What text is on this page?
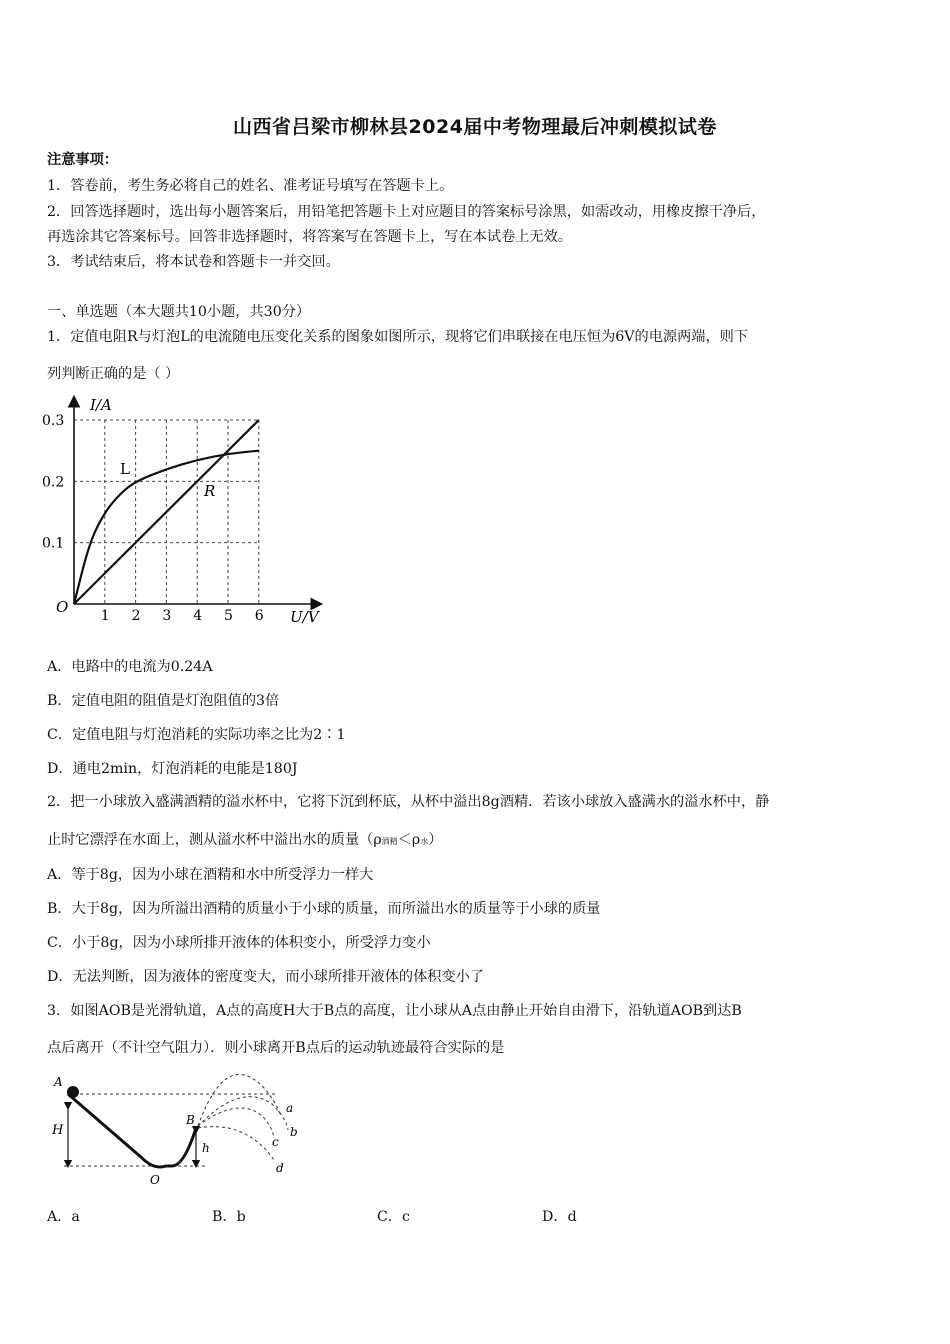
山西省吕梁市柳林县2024届中考物理最后冲刺模拟试卷
注意事项：
1．答卷前，考生务必将自己的姓名、准考证号填写在答题卡上。
2．回答选择题时，选出每小题答案后，用铅笔把答题卡上对应题目的答案标号涂黑，如需改动，用橡皮擦干净后，
再选涂其它答案标号。回答非选择题时，将答案写在答题卡上，写在本试卷上无效。
3．考试结束后，将本试卷和答题卡一并交回。
一、单选题（本大题共10小题，共30分）
1．定值电阻R与灯泡L的电流随电压变化关系的图象如图所示，现将它们串联接在电压恒为6V的电源两端，则下
列判断正确的是（ ）
1 2 3 4 5 6
0.1
0.2
0.3
I/A
U/V
O
L
R
A．电路中的电流为0.24A
B．定值电阻的阻值是灯泡阻值的3倍
C．定值电阻与灯泡消耗的实际功率之比为2∶1
D．通电2min，灯泡消耗的电能是180J
2．把一小球放入盛满酒精的溢水杯中，它将下沉到杯底，从杯中溢出8g酒精．若该小球放入盛满水的溢水杯中，静
止时它漂浮在水面上，测从溢水杯中溢出水的质量（ρ酒精＜ρ水）
A．等于8g，因为小球在酒精和水中所受浮力一样大
B．大于8g，因为所溢出酒精的质量小于小球的质量，而所溢出水的质量等于小球的质量
C．小于8g，因为小球所排开液体的体积变小，所受浮力变小
D．无法判断，因为液体的密度变大，而小球所排开液体的体积变小了
3．如图AOB是光滑轨道，A点的高度H大于B点的高度，让小球从A点由静止开始自由滑下，沿轨道AOB到达B
点后离开（不计空气阻力）．则小球离开B点后的运动轨迹最符合实际的是
H
A
h
B
O
a
b
c
d
A．a	B．b	C．c	D．d
